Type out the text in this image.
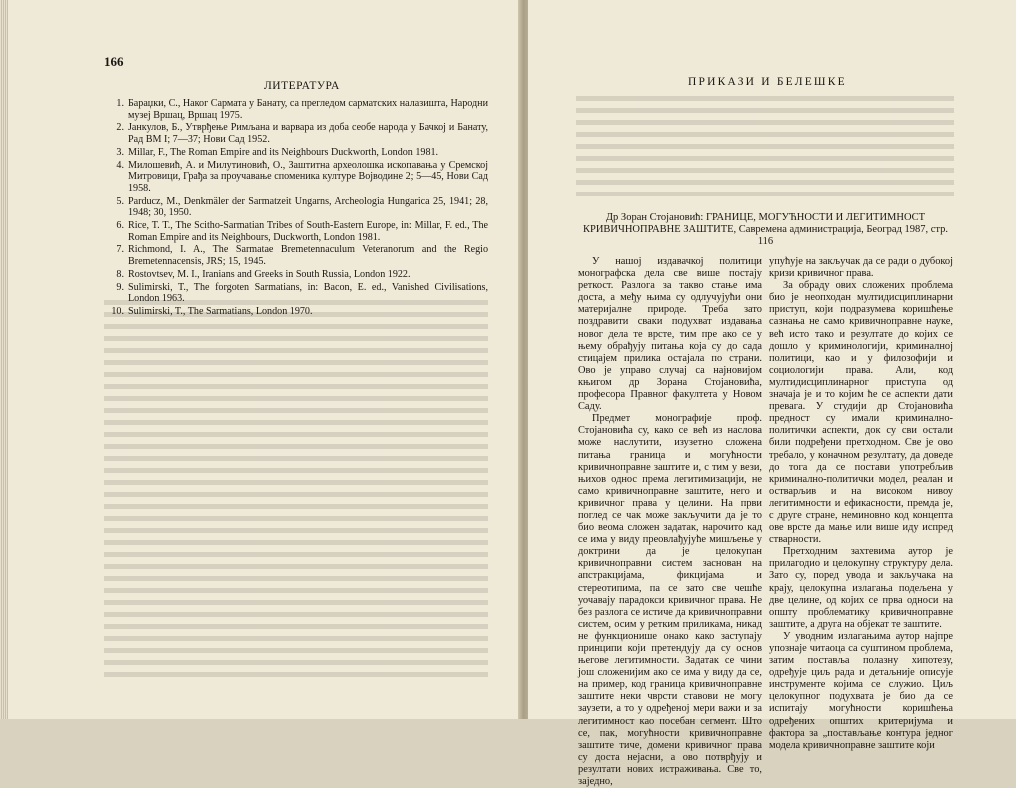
166
ЛИТЕРАТУРА
1. Бараџки, С., Наког Сармата у Банату, са прегледом сарматских налазишта, Народни музеј Вршац, Вршац 1975.
2. Јанкулов, Б., Утврђење Римљана и варвара из доба сеобе народа у Бачкој и Банату, Рад ВМ I; 7—37; Нови Сад 1952.
3. Millar, F., The Roman Empire and its Neighbours Duckworth, London 1981.
4. Милошевић, А. и Милутиновић, О., Заштитна археолошка ископавања у Сремској Митровици, Грађа за проучавање споменика културе Војводине 2; 5—45, Нови Сад 1958.
5. Parducz, M., Denkmäler der Sarmatzeit Ungarns, Archeologia Hungarica 25, 1941; 28, 1948; 30, 1950.
6. Rice, T. T., The Scitho-Sarmatian Tribes of South-Eastern Europe, in: Millar, F. ed., The Roman Empire and its Neighbours, Duckworth, London 1981.
7. Richmond, I. A., The Sarmatae Bremetennaculum Veteranorum and the Regio Bremetennacensis, JRS; 15, 1945.
8. Rostovtsev, M. I., Iranians and Greeks in South Russia, London 1922.
9. Sulimirski, T., The forgoten Sarmatians, in: Bacon, E. ed., Vanished Civilisations, London 1963.
10. Sulimirski, T., The Sarmatians, London 1970.
ПРИКАЗИ И БЕЛЕШКЕ
Др Зоран Стојановић: ГРАНИЦЕ, МОГУЋНОСТИ И ЛЕГИТИМНОСТ КРИВИЧНОПРАВНЕ ЗАШТИТЕ, Савремена администрација, Београд 1987, стр. 116

У нашој издавачкој политици монографска дела све више постају реткост. Разлога за такво стање има доста, а међу њима су одлучујући они материјалне природе. Треба зато поздравити сваки подухват издавања новог дела те врсте, тим пре ако се у њему обрађују питања која су до сада стицајем прилика остајала по страни. Ово је управо случај са најновијом књигом др Зорана Стојановића, професора Правног факултета у Новом Саду.

Предмет монографије проф. Стојановића су, како се већ из наслова може наслутити, изузетно сложена питања граница и могућности кривичноправне заштите и, с тим у вези, њихов однос према легитимизацији, не само кривичноправне заштите, него и кривичног права у целини. На први поглед се чак може закључити да је то био веома сложен задатак, нарочито кад се има у виду преовлађујуће мишљење у доктрини да је целокупан кривичноправни систем заснован на апстракцијама, фикцијама и стереотипима, па се зато све чешће уочавају парадокси кривичног права. Не без разлога се истиче да кривичноправни систем, осим у ретким приликама, никад не функционише онако како заступају принципи који претендују да су основ његове легитимности. Задатак се чини још сложенијим ако се има у виду да се, на пример, код граница кривичноправне заштите неки чврсти ставови не могу заузети, а то у одређеној мери важи и за легитимност као посебан сегмент. Што се, пак, могућности кривичноправне заштите тиче, домени кривичног права су доста нејасни, а ово потврђују и резултати нових истраживања. Све то, заједно,

упућује на закључак да се ради о дубокој кризи кривичног права.

За обраду ових сложених проблема био је неопходан мултидисциплинарни приступ, који подразумева коришћење сазнања не само кривичноправне науке, већ исто тако и резултате до којих се дошло у криминологији, криминалној политици, као и у филозофији и социологији права. Али, код мултидисциплинарног приступа од значаја је и то којим ће се аспекти дати превага. У студији др Стојановића предност су имали криминално-политички аспекти, док су сви остали били подређени претходном. Све је ово требало, у коначном резултату, да доведе до тога да се постави употребљив криминално-политички модел, реалан и остварљив и на високом нивоу легитимности и ефикасности, премда је, с друге стране, неминовно код концепта ове врсте да мање или више иду испред стварности.

Претходним захтевима аутор је прилагодио и целокупну структуру дела. Зато су, поред увода и закључака на крају, целокупна излагања подељена у две целине, од којих се прва односи на општу проблематику кривичноправне заштите, а друга на објекат те заштите.

У уводним излагањима аутор најпре упознаје читаоца са суштином проблема, затим поставља полазну хипотезу, одређује циљ рада и детаљније описује инструменте којима се служио. Циљ целокупног подухвата је био да се испитају могућности коришћења одређених општих критеријума и фактора за „постављање контура једног модела кривичноправне заштите који
